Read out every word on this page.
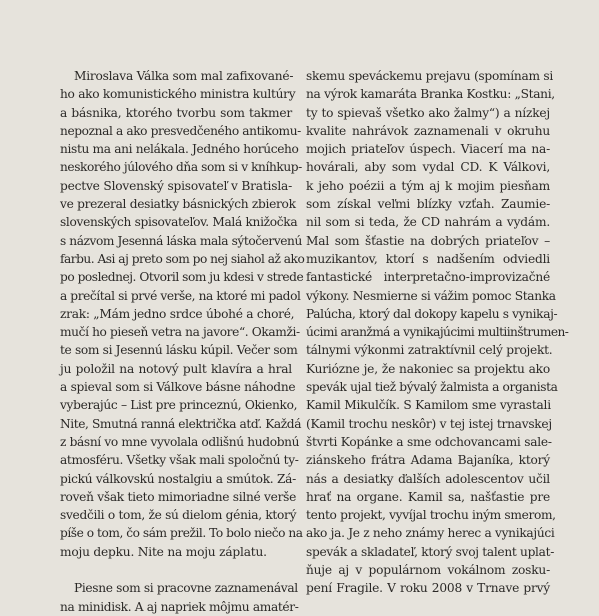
Miroslava Válka som mal zafixované-
ho ako komunistického ministra kultúry
a básnika, ktorého tvorbu som takmer
nepoznal a ako presvedčeného antikomu-
nistu ma ani nelákala. Jedného horúceho
neskorého júlového dňa som si v kníhkup-
pectve Slovenský spisovateľ v Bratisla-
ve prezeral desiatky básnických zbierok
slovenských spisovateľov. Malá knižočka
s názvom Jesenná láska mala sýtočervenú
farbu. Asi aj preto som po nej siahol až ako
po poslednej. Otvoril som ju kdesi v strede
a prečítal si prvé verše, na ktoré mi padol
zrak: „Mám jedno srdce úbohé a choré,
mučí ho pieseň vetra na javore“. Okamži-
te som si Jesennú lásku kúpil. Večer som
ju položil na notový pult klavíra a hral
a spieval som si Válkove básne náhodne
vyberajúc – List pre princeznú, Okienko,
Nite, Smutná ranná električka atď. Každá
z básní vo mne vyvolala odlišnú hudobnú
atmosféru. Všetky však mali spoločnú ty-
pickú válkovskú nostalgiu a smútok. Zá-
roveň však tieto mimoriadne silné verše
svedčili o tom, že sú dielom génia, ktorý
píše o tom, čo sám prežil. To bolo niečo na
moju depku. Nite na moju záplatu.
Piesne som si pracovne zaznamenával
na minidisk. A aj napriek môjmu amatér-
skemu speváckemu prejavu (spomínam si
na výrok kamaráta Branka Kostku: „Stani,
ty to spievaš všetko ako žalmy“) a nízkej
kvalite nahrávok zaznamenali v okruhu
mojich priateľov úspech. Viacerí ma na-
hovárali, aby som vydal CD. K Válkovi,
k jeho poézii a tým aj k mojim piesňam
som získal veľmi blízky vzťah. Zaumie-
nil som si teda, že CD nahrám a vydám.
Mal som šťastie na dobrých priateľov –
muzikantov, ktorí s nadšením odviedli
fantastické interpretačno-improvizačné
výkony. Nesmierne si vážim pomoc Stanka
Palúcha, ktorý dal dokopy kapelu s vynikaj-
úcimi aranžmá a vynikajúcimi multiinštrumen-
tálnymi výkonmi zatraktívnil celý projekt.
Kuriózne je, že nakoniec sa projektu ako
spevák ujal tiež bývalý žalmista a organista
Kamil Mikulčík. S Kamilom sme vyrastali
(Kamil trochu neskôr) v tej istej trnavskej
štvrti Kopánke a sme odchovancami sale-
ziánskeho frátra Adama Bajaníka, ktorý
nás a desiatky ďalších adolescentov učil
hrať na organe. Kamil sa, našťastie pre
tento projekt, vyvíjal trochu iným smerom,
ako ja. Je z neho známy herec a vynikajúci
spevák a skladateľ, ktorý svoj talent uplat-
ňuje aj v populárnom vokálnom zosku-
pení Fragile. V roku 2008 v Trnave prvý
